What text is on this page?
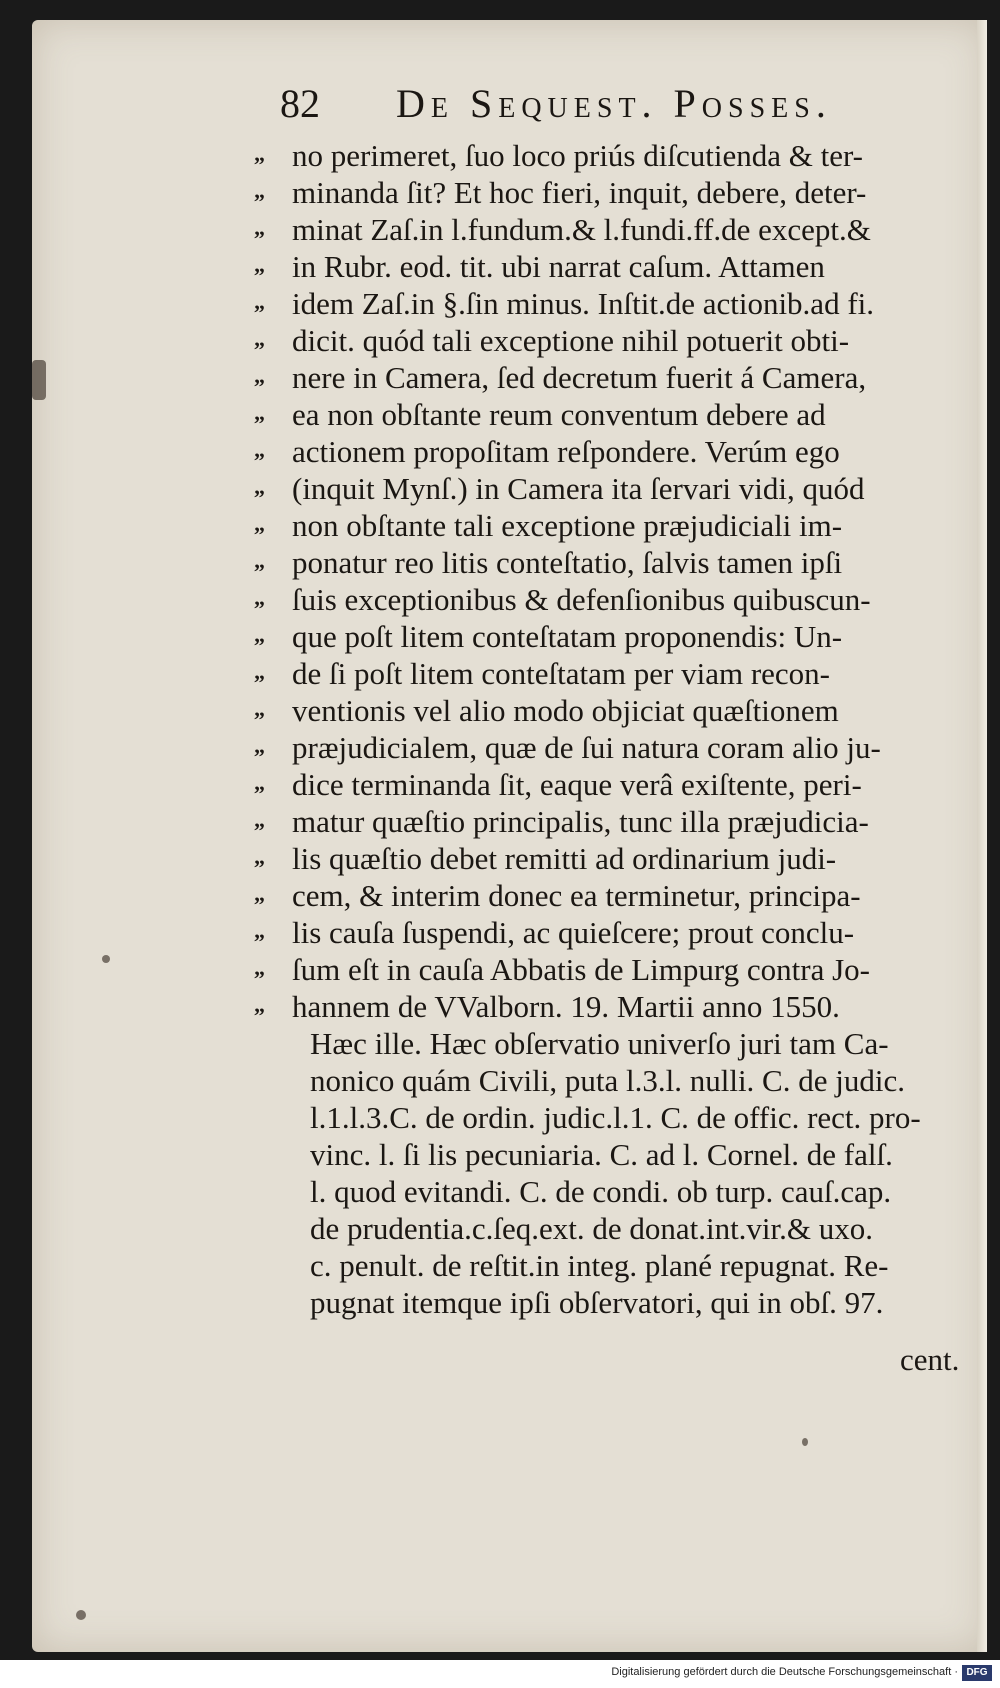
82 De Sequest. Posses.
„ no perimeret, ſuo loco priús diſcutienda & ter-
„ minanda ſit? Et hoc fieri, inquit, debere, deter-
„ minat Zaſ.in l.fundum.& l.fundi.ff.de except.&
„ in Rubr. eod. tit. ubi narrat caſum. Attamen
„ idem Zaſ.in §.ſin minus. Inſtit.de actionib.ad fi.
„ dicit. quód tali exceptione nihil potuerit obti-
„ nere in Camera, ſed decretum fuerit á Camera,
„ ea non obſtante reum conventum debere ad
„ actionem propoſitam reſpondere. Verúm ego
„ (inquit Mynſ.) in Camera ita ſervari vidi, quód
„ non obſtante tali exceptione præjudiciali im-
„ ponatur reo litis conteſtatio, ſalvis tamen ipſi
„ ſuis exceptionibus & defenſionibus quibuscun-
„ que poſt litem conteſtatam proponendis: Un-
„ de ſi poſt litem conteſtatam per viam recon-
„ ventionis vel alio modo objiciat quæſtionem
„ præjudicialem, quæ de ſui natura coram alio ju-
„ dice terminanda ſit, eaque verâ exiſtente, peri-
„ matur quæſtio principalis, tunc illa præjudicia-
„ lis quæſtio debet remitti ad ordinarium judi-
„ cem, & interim donec ea terminetur, principa-
„ lis cauſa ſuspendi, ac quieſcere; prout conclu-
„ ſum eſt in cauſa Abbatis de Limpurg contra Jo-
„ hannem de VValborn. 19. Martii anno 1550.
Hæc ille. Hæc obſervatio univerſo juri tam Ca-
nonico quám Civili, puta l.3.l. nulli. C. de judic.
l.1.l.3.C. de ordin. judic.l.1. C. de offic. rect. pro-
vinc. l. ſi lis pecuniaria. C. ad l. Cornel. de falſ.
l. quod evitandi. C. de condi. ob turp. cauſ.cap.
de prudentia.c.ſeq.ext. de donat.int.vir.& uxo.
c. penult. de reſtit.in integ. plané repugnat. Re-
pugnat itemque ipſi obſervatori, qui in obſ. 97.
cent.
Digitalisierung gefördert durch die Deutsche Forschungsgemeinschaft · DFG
